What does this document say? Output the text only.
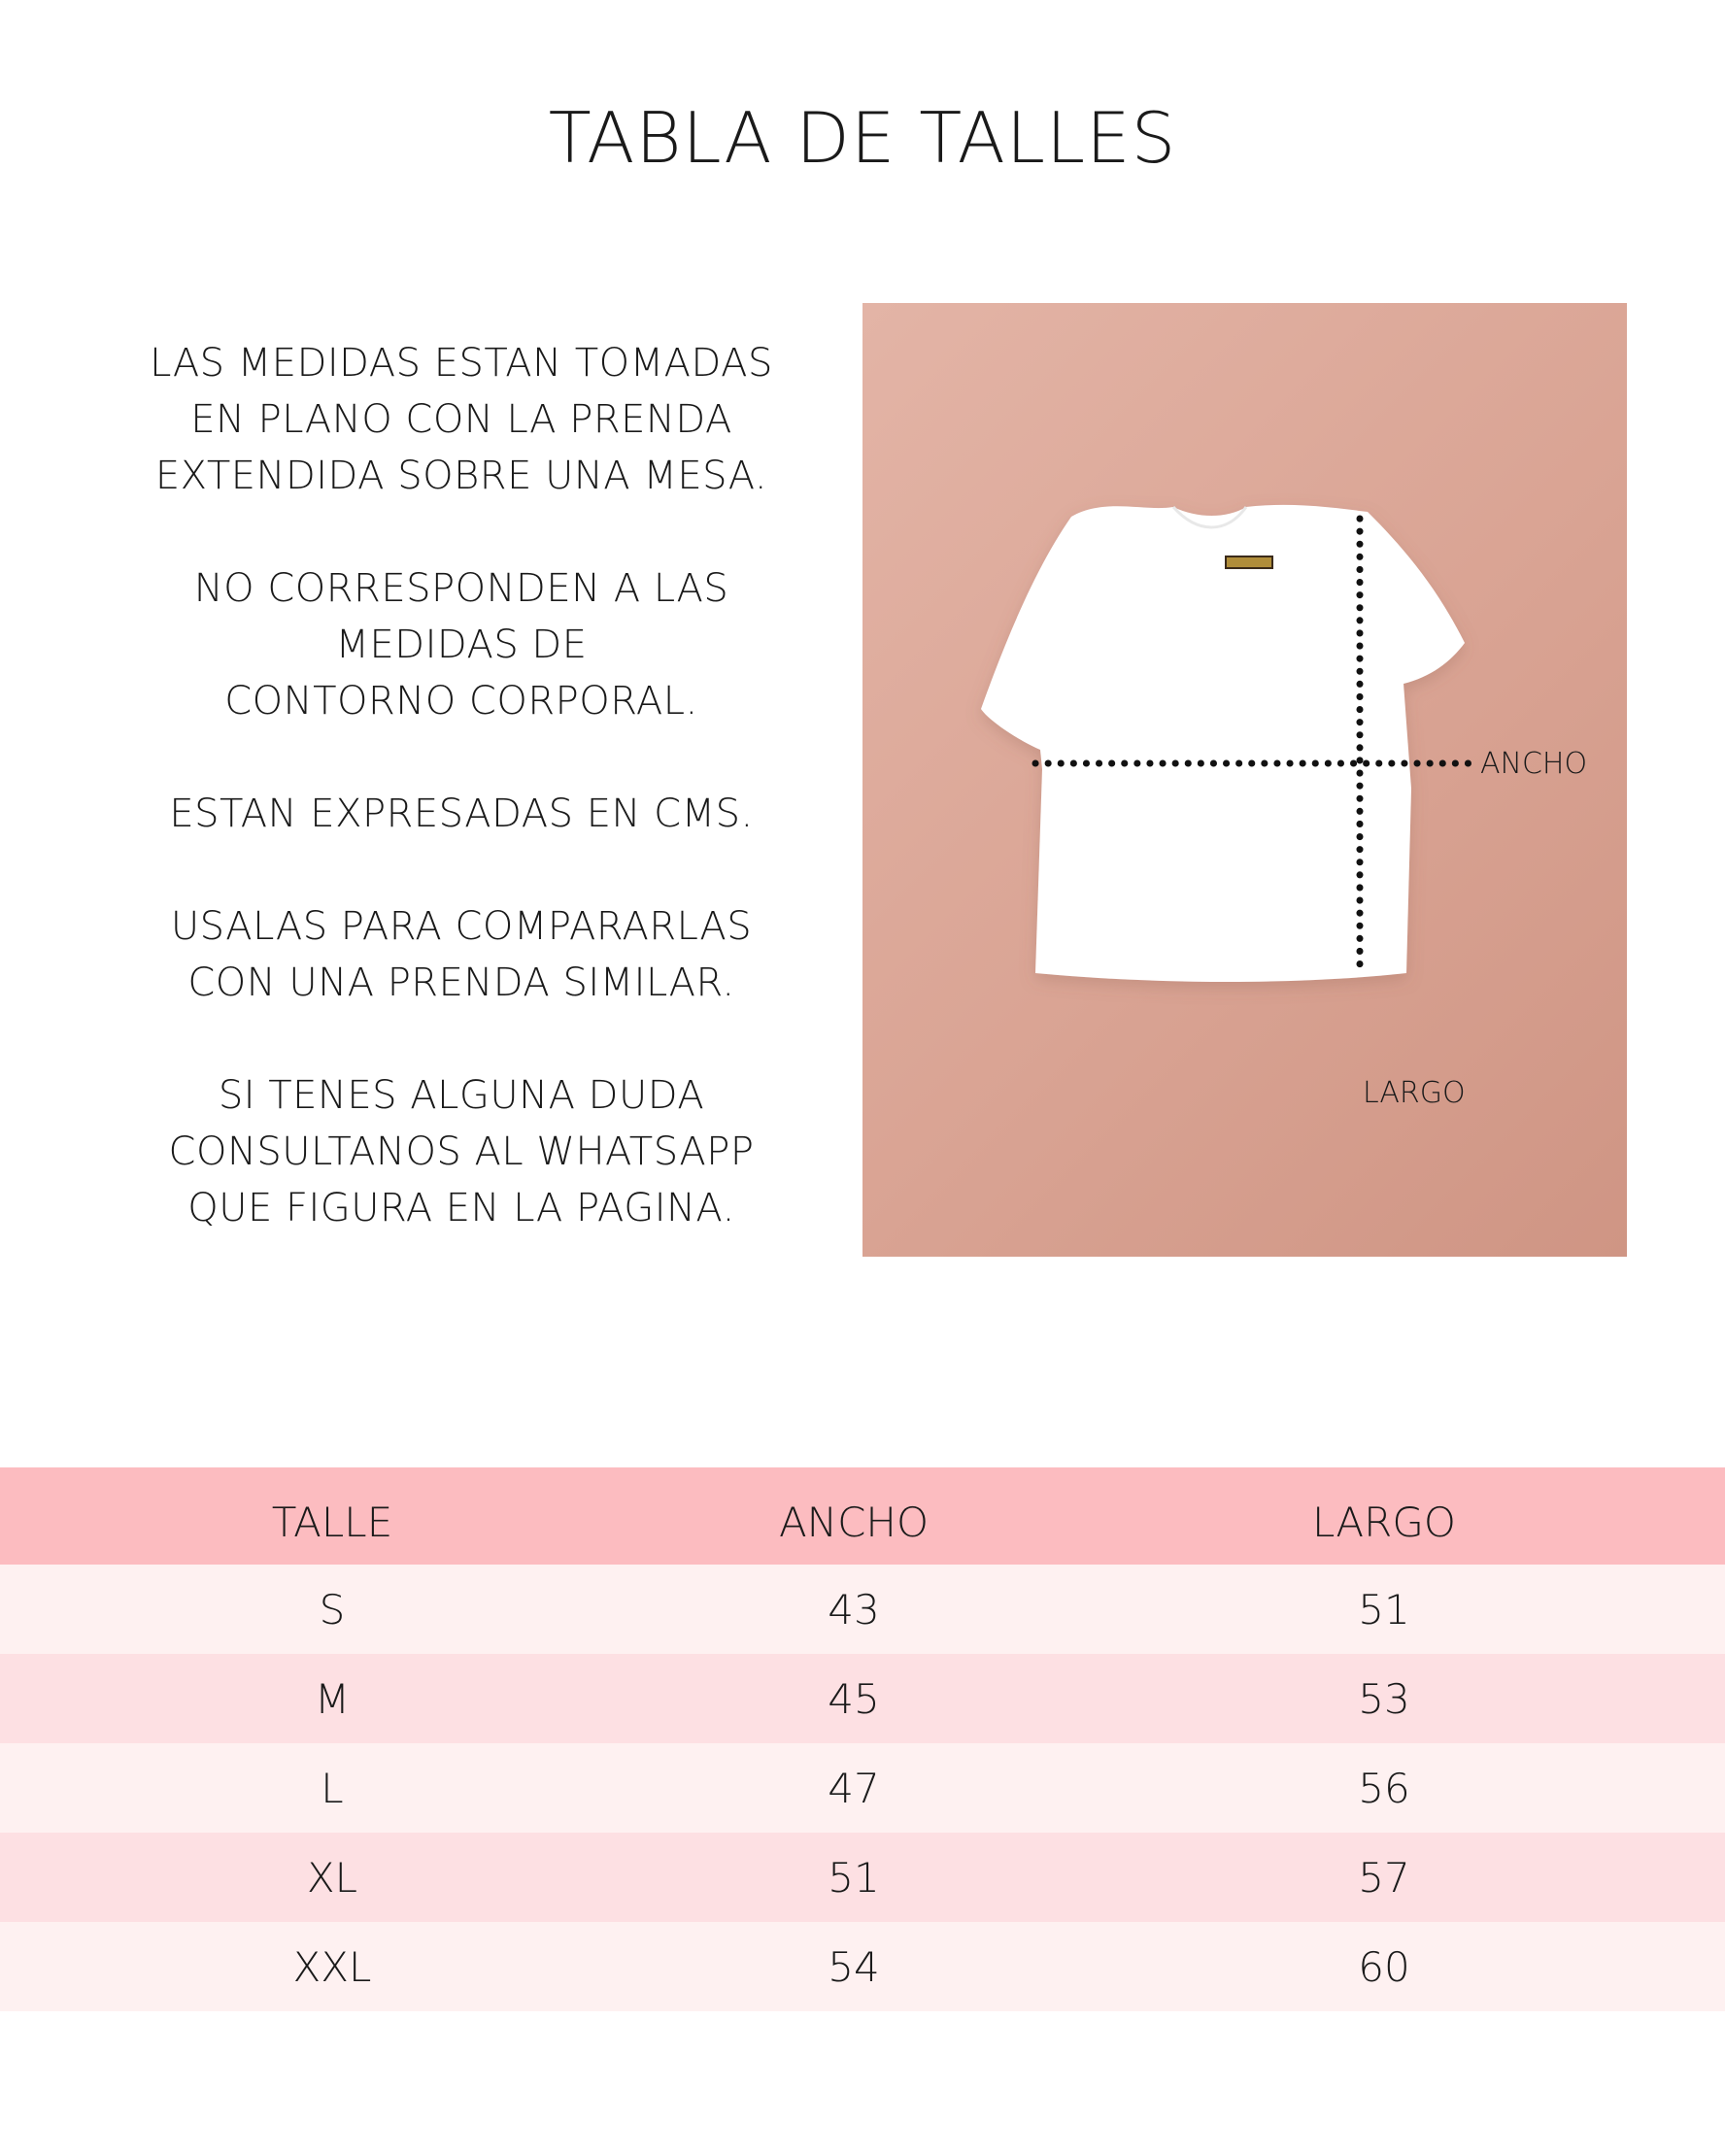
TABLA DE TALLES

LAS MEDIDAS ESTAN TOMADAS
EN PLANO CON LA PRENDA
EXTENDIDA SOBRE UNA MESA.

NO CORRESPONDEN A LAS
MEDIDAS DE
CONTORNO CORPORAL.

ESTAN EXPRESADAS EN CMS.

USALAS PARA COMPARARLAS
CON UNA PRENDA SIMILAR.

SI TENES ALGUNA DUDA
CONSULTANOS AL WHATSAPP
QUE FIGURA EN LA PAGINA.

ANCHO
LARGO
TALLE	ANCHO	LARGO
S	43	51
M	45	53
L	47	56
XL	51	57
XXL	54	60
